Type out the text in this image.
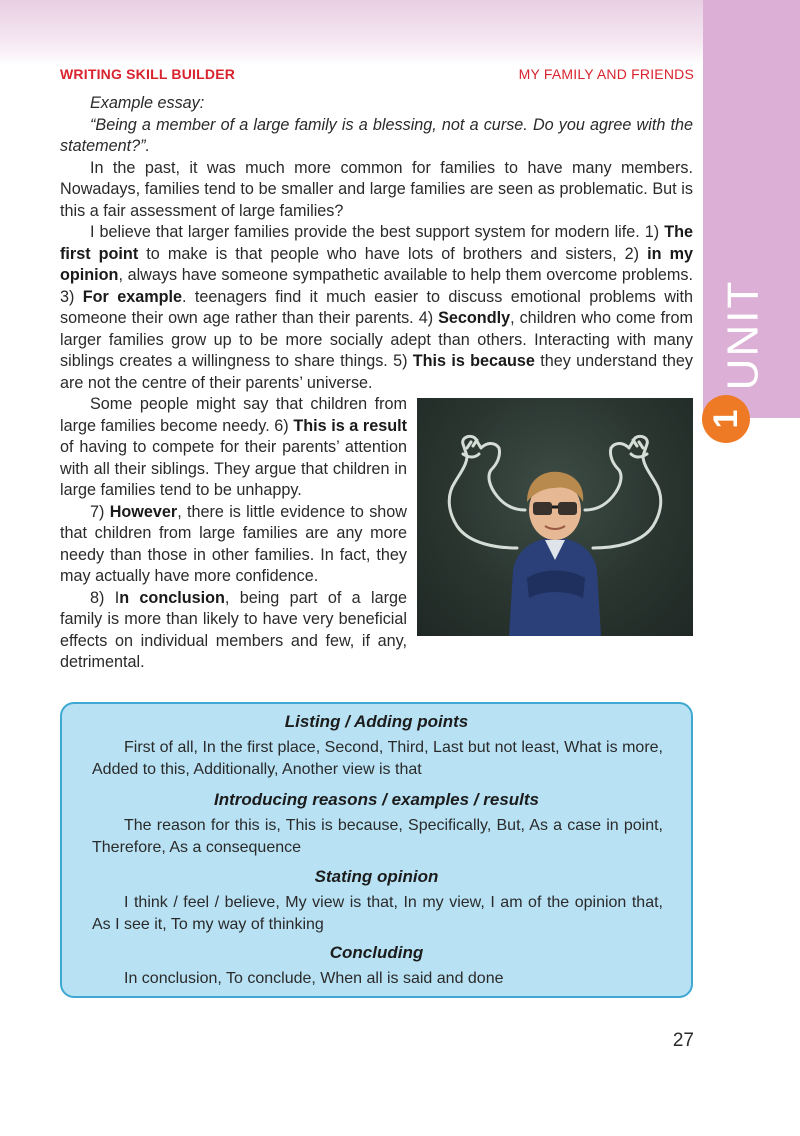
UNIT
1
WRITING SKILL BUILDER	MY FAMILY AND FRIENDS

Example essay:

“Being a member of a large family is a blessing, not a curse. Do you agree with the statement?”.

In the past, it was much more common for families to have many members. Nowadays, families tend to be smaller and large families are seen as problematic. But is this a fair assessment of large families?

I believe that larger families provide the best support system for modern life. 1) The first point to make is that people who have lots of brothers and sisters, 2) in my opinion, always have someone sympathetic available to help them overcome problems. 3) For example. teenagers find it much easier to discuss emotional problems with someone their own age rather than their parents. 4) Secondly, children who come from larger families grow up to be more socially adept than others. Interacting with many siblings creates a willingness to share things. 5) This is because they understand they are not the centre of their parents’ universe.

Some people might say that children from large families become needy. 6) This is a result of having to compete for their parents’ attention with all their siblings. They argue that children in large families tend to be unhappy.

7) However, there is little evidence to show that children from large families are any more needy than those in other families. In fact, they may actually have more confidence.

8) In conclusion, being part of a large family is more than likely to have very beneficial effects on individual members and few, if any, detrimental.

Listing / Adding points

First of all, In the first place, Second, Third, Last but not least, What is more, Added to this, Additionally, Another view is that

Introducing reasons / examples / results

The reason for this is, This is because, Specifically, But, As a case in point, Therefore, As a consequence

Stating opinion

I think / feel / believe, My view is that, In my view, I am of the opinion that, As I see it, To my way of thinking

Concluding

In conclusion, To conclude, When all is said and done

27
